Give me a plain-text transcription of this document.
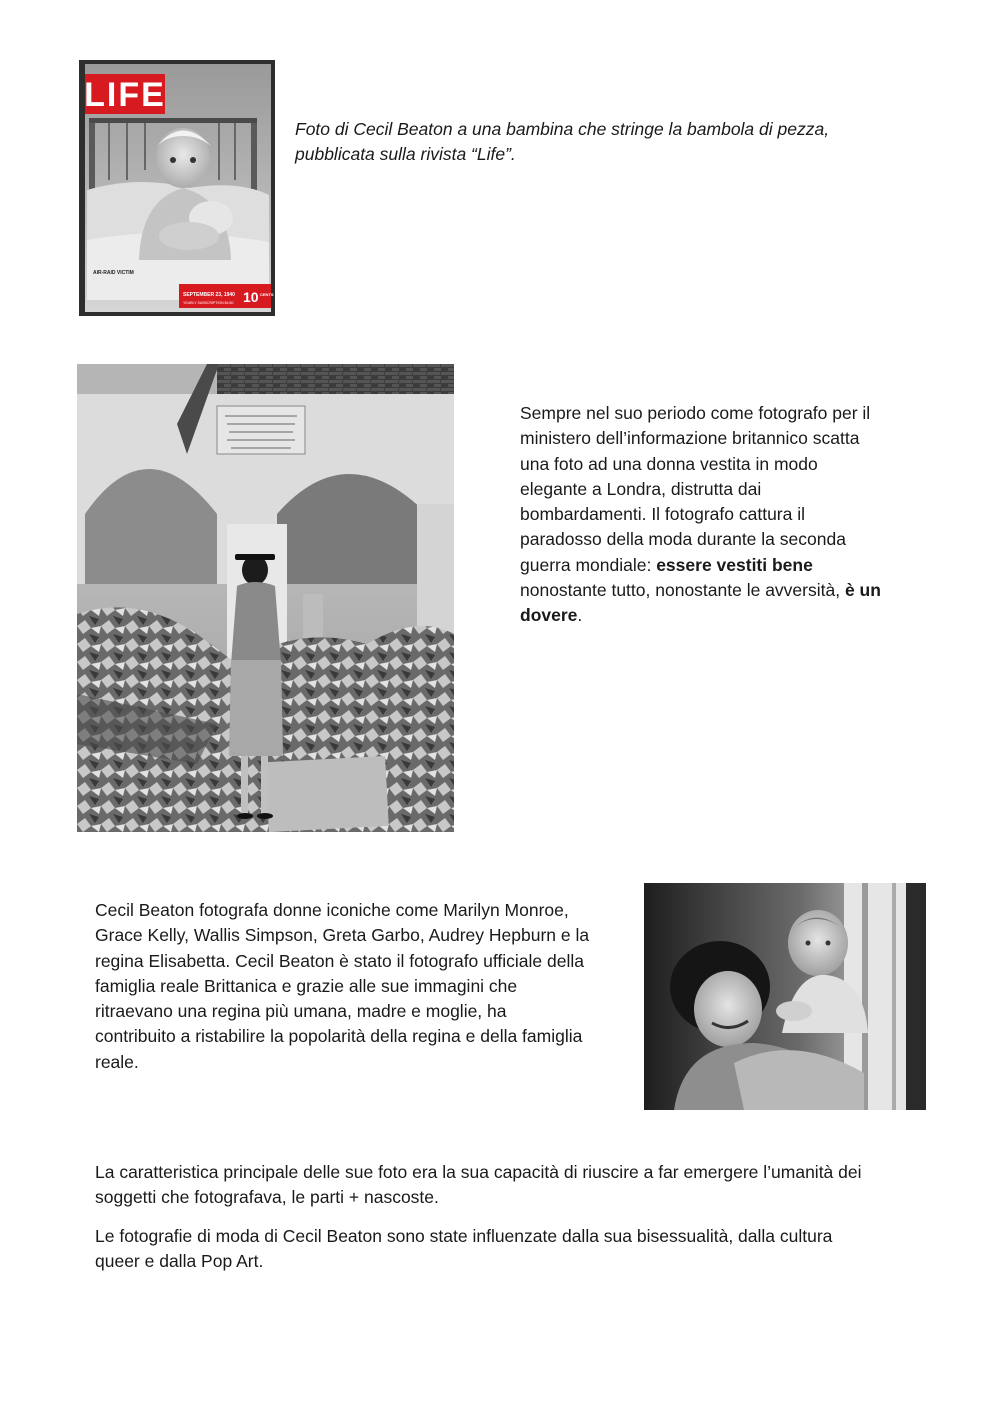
LIFE
AIR-RAID VICTIM
SEPTEMBER 23, 1940
YEARLY SUBSCRIPTION $4.50 10 CENTS

Foto di Cecil Beaton a una bambina che stringe la bambola di pezza,

pubblicata sulla rivista “Life”.

Sempre nel suo periodo come fotografo per il

ministero dell’informazione britannico scatta

una foto ad una donna vestita in modo

elegante a Londra, distrutta dai

bombardamenti. Il fotografo cattura il

paradosso della moda durante la seconda

guerra mondiale: essere vestiti bene

nonostante tutto, nonostante le avversità, è un

dovere.

Cecil Beaton fotografa donne iconiche come Marilyn Monroe,

Grace Kelly, Wallis Simpson, Greta Garbo, Audrey Hepburn e la

regina Elisabetta. Cecil Beaton è stato il fotografo ufficiale della

famiglia reale Brittanica e grazie alle sue immagini che

ritraevano una regina più umana, madre e moglie, ha

contribuito a ristabilire la popolarità della regina e della famiglia

reale.

La caratteristica principale delle sue foto era la sua capacità di riuscire a far emergere l’umanità dei

soggetti che fotografava, le parti + nascoste.

Le fotografie di moda di Cecil Beaton sono state influenzate dalla sua bisessualità, dalla cultura

queer e dalla Pop Art.
